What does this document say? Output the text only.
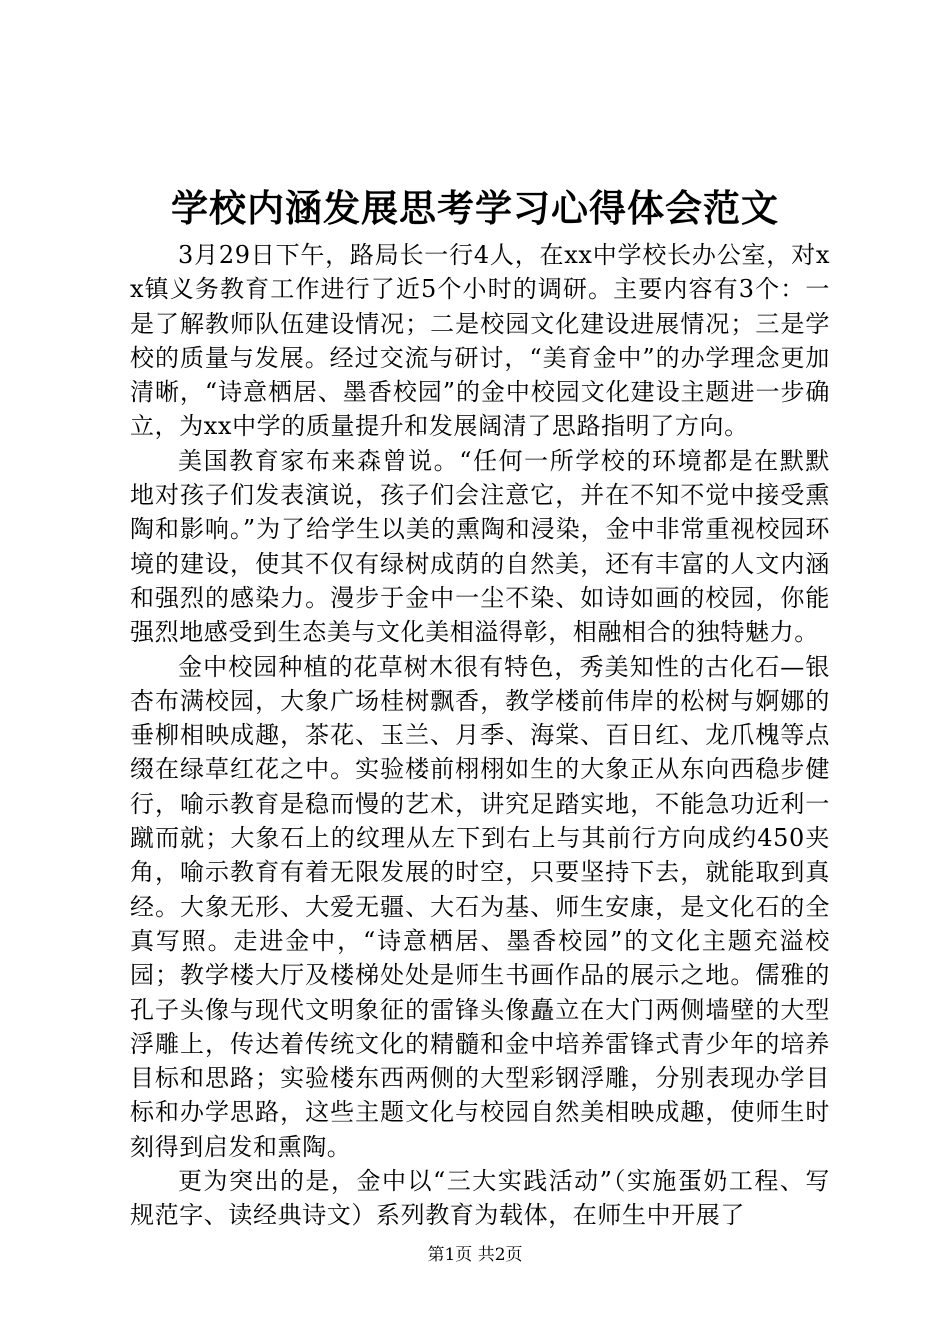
学校内涵发展思考学习心得体会范文

3月29日下午，路局长一行4人，在xx中学校长办公室，对xx镇义务教育工作进行了近5个小时的调研。主要内容有3个：一是了解教师队伍建设情况；二是校园文化建设进展情况；三是学校的质量与发展。经过交流与研讨，“美育金中”的办学理念更加清晰，“诗意栖居、墨香校园”的金中校园文化建设主题进一步确立，为xx中学的质量提升和发展阔清了思路指明了方向。

美国教育家布来森曾说。“任何一所学校的环境都是在默默地对孩子们发表演说，孩子们会注意它，并在不知不觉中接受熏陶和影响。”为了给学生以美的熏陶和浸染，金中非常重视校园环境的建设，使其不仅有绿树成荫的自然美，还有丰富的人文内涵和强烈的感染力。漫步于金中一尘不染、如诗如画的校园，你能强烈地感受到生态美与文化美相溢得彰，相融相合的独特魅力。

金中校园种植的花草树木很有特色，秀美知性的古化石—银杏布满校园，大象广场桂树飘香，教学楼前伟岸的松树与婀娜的垂柳相映成趣，茶花、玉兰、月季、海棠、百日红、龙爪槐等点缀在绿草红花之中。实验楼前栩栩如生的大象正从东向西稳步健行，喻示教育是稳而慢的艺术，讲究足踏实地，不能急功近利一蹴而就；大象石上的纹理从左下到右上与其前行方向成约450夹角，喻示教育有着无限发展的时空，只要坚持下去，就能取到真经。大象无形、大爱无疆、大石为基、师生安康，是文化石的全真写照。走进金中，“诗意栖居、墨香校园”的文化主题充溢校园；教学楼大厅及楼梯处处是师生书画作品的展示之地。儒雅的孔子头像与现代文明象征的雷锋头像矗立在大门两侧墙壁的大型浮雕上，传达着传统文化的精髓和金中培养雷锋式青少年的培养目标和思路；实验楼东西两侧的大型彩钢浮雕，分别表现办学目标和办学思路，这些主题文化与校园自然美相映成趣，使师生时刻得到启发和熏陶。

更为突出的是，金中以“三大实践活动”（实施蛋奶工程、写规范字、读经典诗文）系列教育为载体，在师生中开展了

第1页 共2页
